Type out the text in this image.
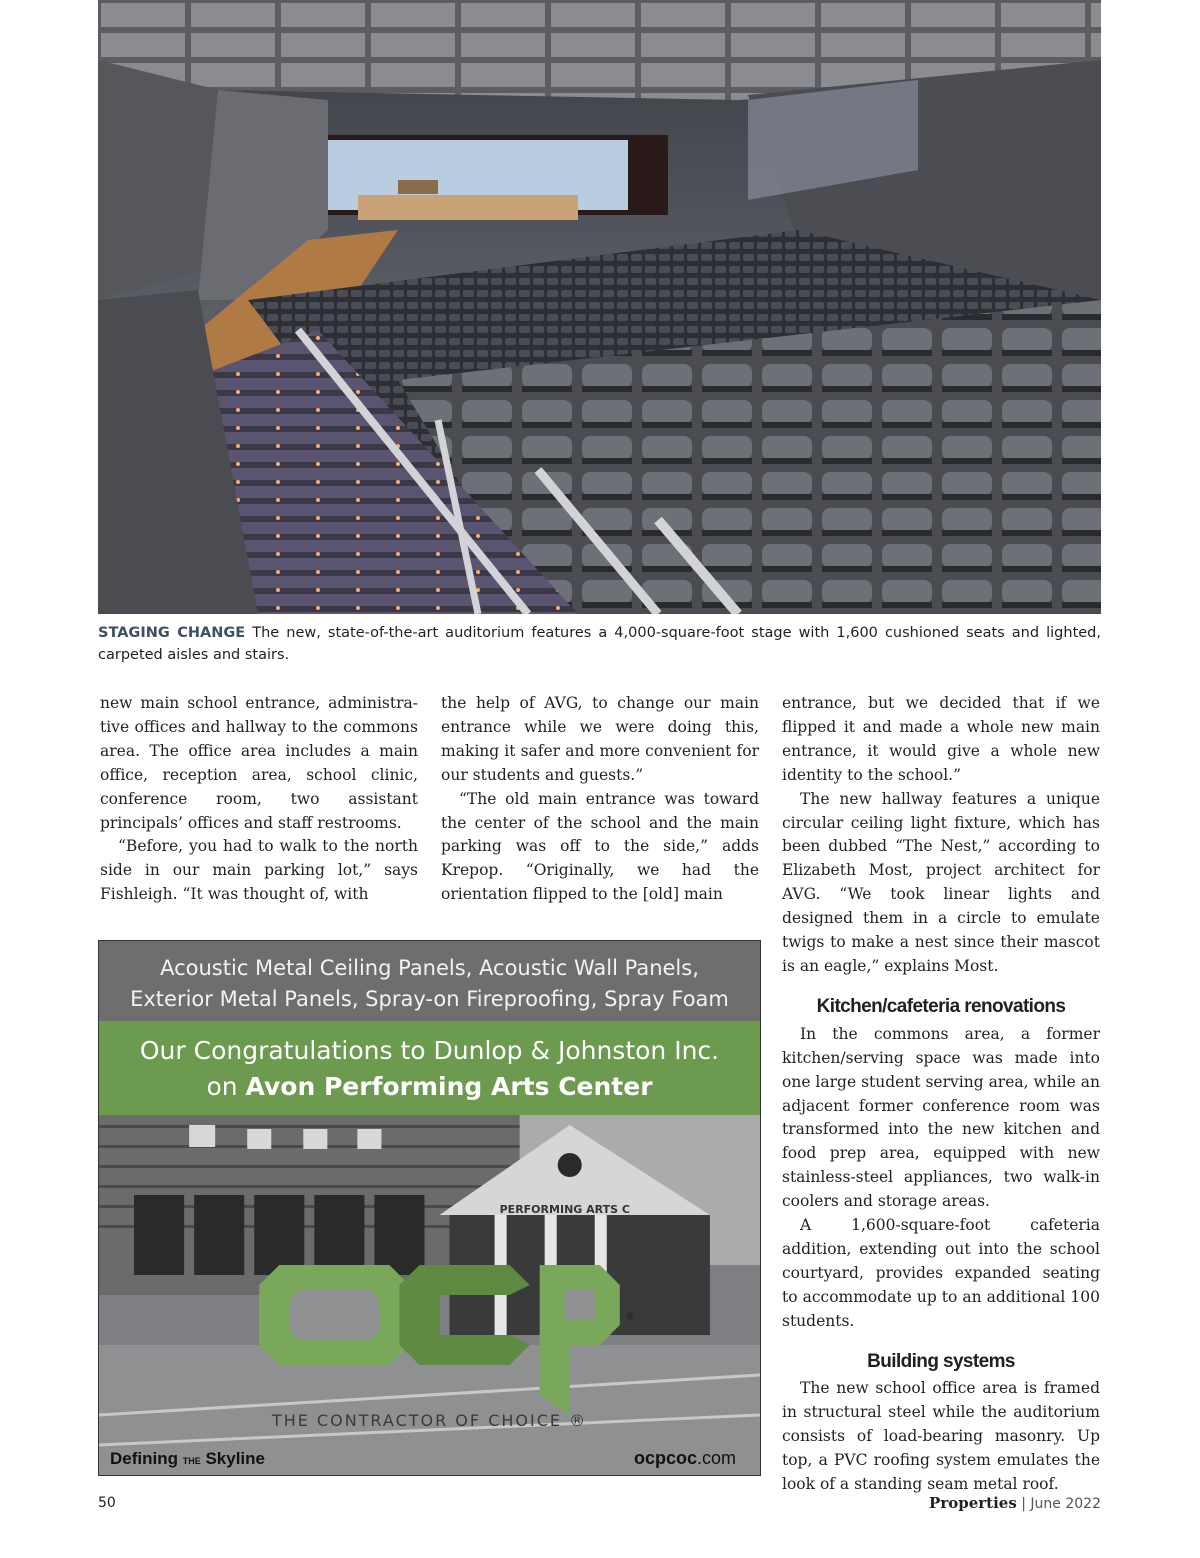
STAGING CHANGE The new, state-of-the-art auditorium features a 4,000-square-foot stage with 1,600 cushioned seats and lighted, carpeted aisles and stairs.

new main school entrance, administrative offices and hallway to the commons area. The office area includes a main office, reception area, school clinic, conference room, two assistant principals’ offices and staff restrooms.

“Before, you had to walk to the north side in our main parking lot,” says Fishleigh. “It was thought of, with

the help of AVG, to change our main entrance while we were doing this, making it safer and more convenient for our students and guests.”

“The old main entrance was toward the center of the school and the main parking was off to the side,” adds Krepop. “Originally, we had the orientation flipped to the [old] main

entrance, but we decided that if we flipped it and made a whole new main entrance, it would give a whole new identity to the school.”

The new hallway features a unique circular ceiling light fixture, which has been dubbed “The Nest,” according to Elizabeth Most, project architect for AVG. “We took linear lights and designed them in a circle to emulate twigs to make a nest since their mascot is an eagle,” explains Most.

Kitchen/cafeteria renovations

In the commons area, a former kitchen/serving space was made into one large student serving area, while an adjacent former conference room was transformed into the new kitchen and food prep area, equipped with new stainless-steel appliances, two walk-in coolers and storage areas.

A 1,600-square-foot cafeteria addition, extending out into the school courtyard, provides expanded seating to accommodate up to an additional 100 students.

Building systems

The new school office area is framed in structural steel while the auditorium consists of load-bearing masonry. Up top, a PVC roofing system emulates the look of a standing seam metal roof.

Acoustic Metal Ceiling Panels, Acoustic Wall Panels,
Exterior Metal Panels, Spray-on Fireproofing, Spray Foam
Our Congratulations to Dunlop & Johnston Inc.
on Avon Performing Arts Center
PERFORMING ARTS C
®
THE CONTRACTOR OF CHOICE ®
Defining THE Skyline	ocpcoc.com
50	Properties | June 2022
